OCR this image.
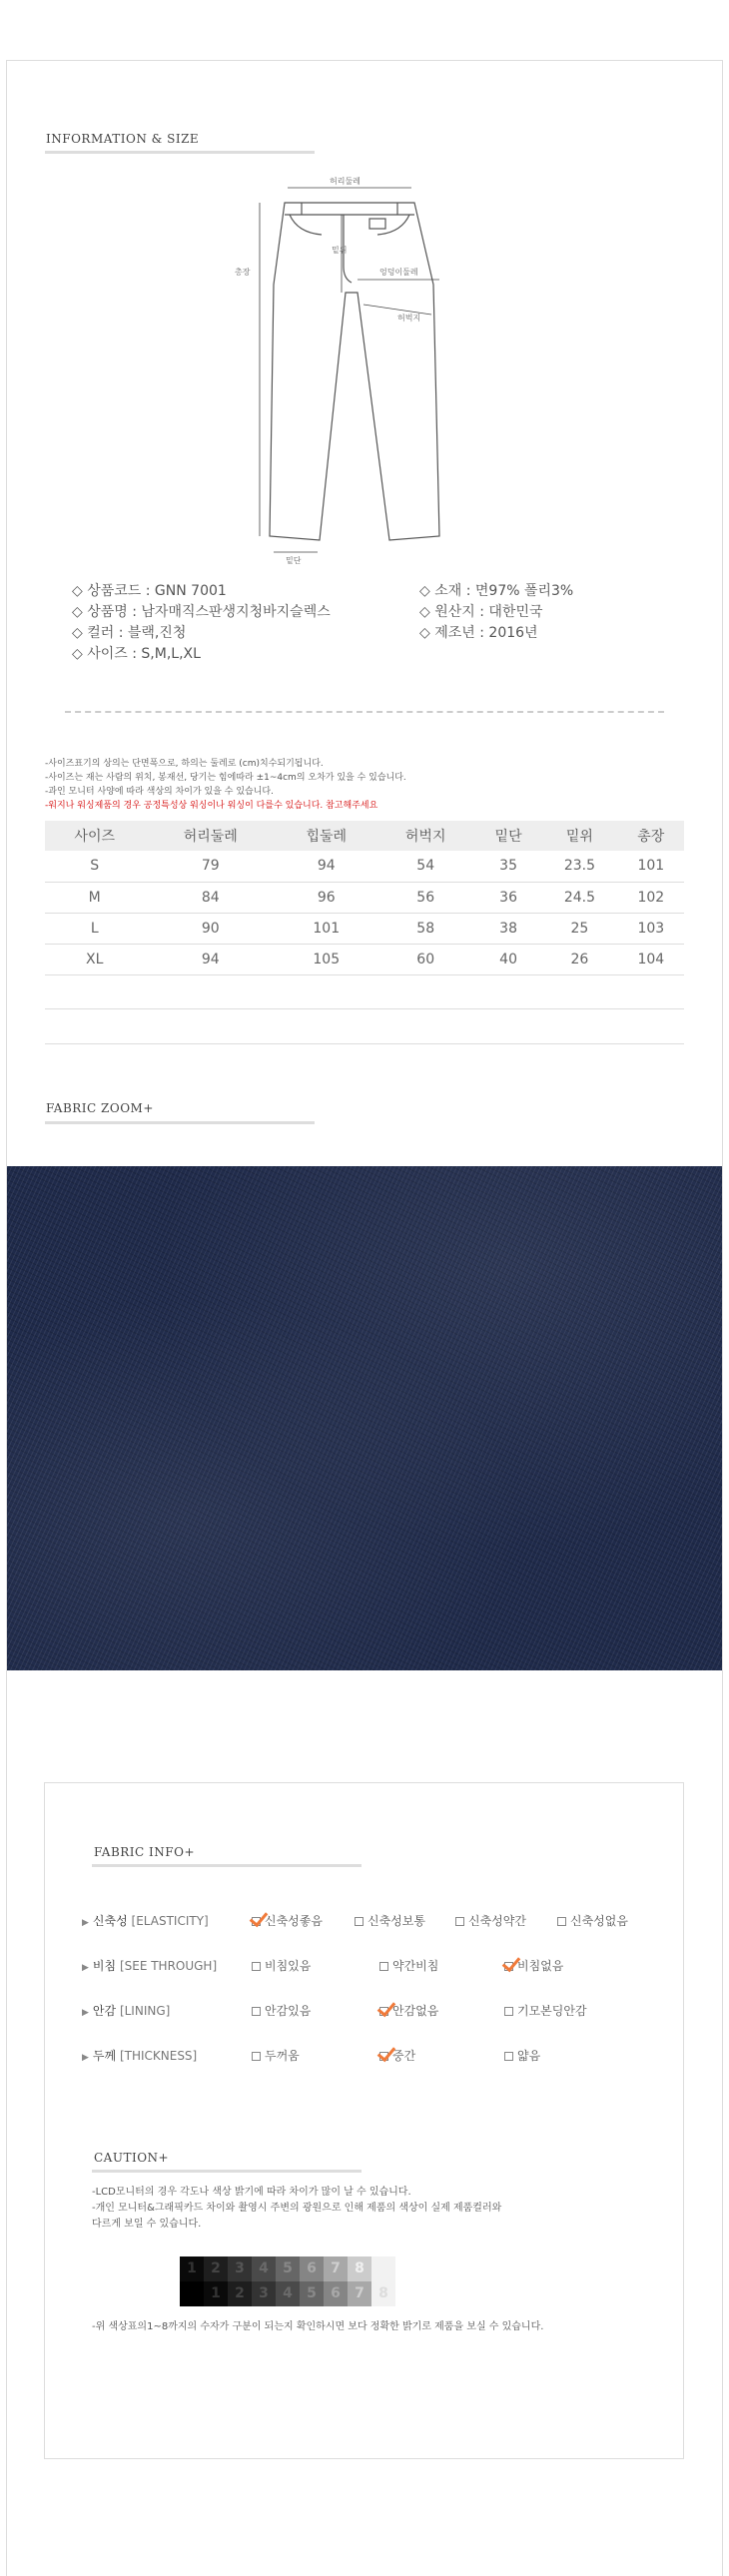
INFORMATION & SIZE
허리둘레
총장
밑위
엉덩이둘레
허벅지
밑단
◇ 상품코드 : GNN 7001
◇ 상품명 : 남자매직스판생지청바지슬렉스
◇ 컬러 : 블랙,진청
◇ 사이즈 : S,M,L,XL
◇ 소재 : 면97% 폴리3%
◇ 원산지 : 대한민국
◇ 제조년 : 2016년
-사이즈표기의 상의는 단면폭으로, 하의는 둘레로 (cm)치수되기됩니다.
-사이즈는 재는 사람의 위치, 봉재선, 당기는 힘에따라 ±1~4cm의 오차가 있을 수 있습니다.
-과인 모니터 사양에 따라 색상의 차이가 있을 수 있습니다.
-워지나 워싱제품의 경우 공정특성상 워싱이나 워싱이 다를수 있습니다. 참고해주세요
사이즈	허리둘레	힙둘레	허벅지	밑단	밑위	총장
S	79	94	54	35	23.5	101
M	84	96	56	36	24.5	102
L	90	101	58	38	25	103
XL	94	105	60	40	26	104
FABRIC ZOOM+
FABRIC INFO+
▶ 신축성 [ELASTICITY]	신축성좋음	신축성보통	신축성약간	신축성없음
▶ 비침 [SEE THROUGH]	비침있음	약간비침	비침없음
▶ 안감 [LINING]	안감있음	안감없음	기모본딩안감
▶ 두께 [THICKNESS]	두꺼움	중간	얇음
CAUTION+
-LCD모니터의 경우 각도나 색상 밝기에 따라 차이가 많이 날 수 있습니다.
-개인 모니터&그래픽카드 차이와 촬영시 주변의 광원으로 인해 제품의 색상이 실제 제품컬러와
다르게 보일 수 있습니다.
1	2
1
3
2
4
3
5
4
6
5
7
6
8
7	8
-위 색상표의1~8까지의 수자가 구분이 되는지 확인하시면 보다 정확한 밝기로 제품을 보실 수 있습니다.
